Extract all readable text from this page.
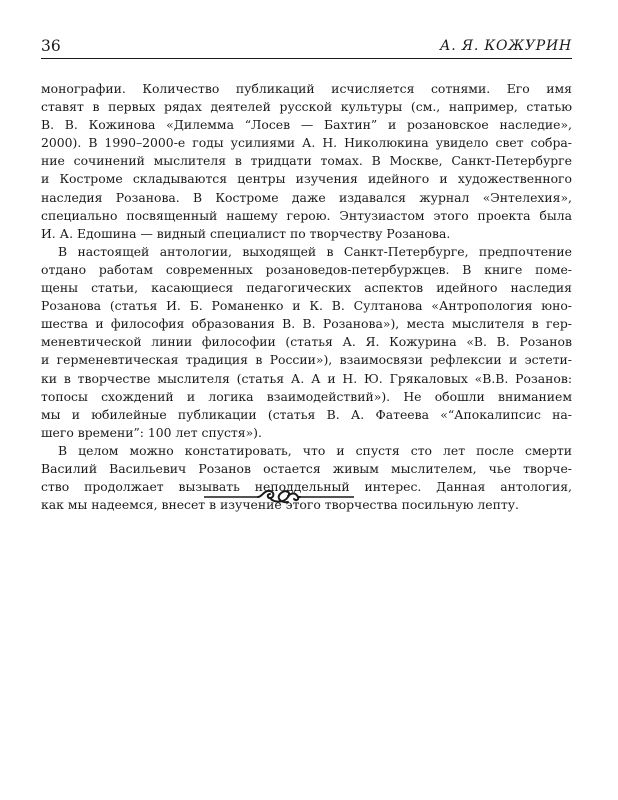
36	А. Я. КОЖУРИН

монографии. Количество публикаций исчисляется сотнями. Его имя
ставят в первых рядах деятелей русской культуры (см., например, статью
В. В. Кожинова «Дилемма “Лосев — Бахтин” и розановское наследие»,
2000). В 1990–2000-е годы усилиями А. Н. Николюкина увидело свет собра-
ние сочинений мыслителя в тридцати томах. В Москве, Санкт-Петербурге
и Костроме складываются центры изучения идейного и художественного
наследия Розанова. В Костроме даже издавался журнал «Энтелехия»,
специально посвященный нашему герою. Энтузиастом этого проекта была
И. А. Едошина — видный специалист по творчеству Розанова.

В настоящей антологии, выходящей в Санкт-Петербурге, предпочтение
отдано работам современных розановедов-петербуржцев. В книге поме-
щены статьи, касающиеся педагогических аспектов идейного наследия
Розанова (статья И. Б. Романенко и К. В. Султанова «Антропология юно-
шества и философия образования В. В. Розанова»), места мыслителя в гер-
меневтической линии философии (статья А. Я. Кожурина «В. В. Розанов
и герменевтическая традиция в России»), взаимосвязи рефлексии и эстети-
ки в творчестве мыслителя (статья А. А и Н. Ю. Грякаловых «В.В. Розанов:
топосы схождений и логика взаимодействий»). Не обошли вниманием
мы и юбилейные публикации (статья В. А. Фатеева «“Апокалипсис на-
шего времени”: 100 лет спустя»).

В целом можно констатировать, что и спустя сто лет после смерти
Василий Васильевич Розанов остается живым мыслителем, чье творче-
ство продолжает вызывать неподдельный интерес. Данная антология,
как мы надеемся, внесет в изучение этого творчества посильную лепту.
